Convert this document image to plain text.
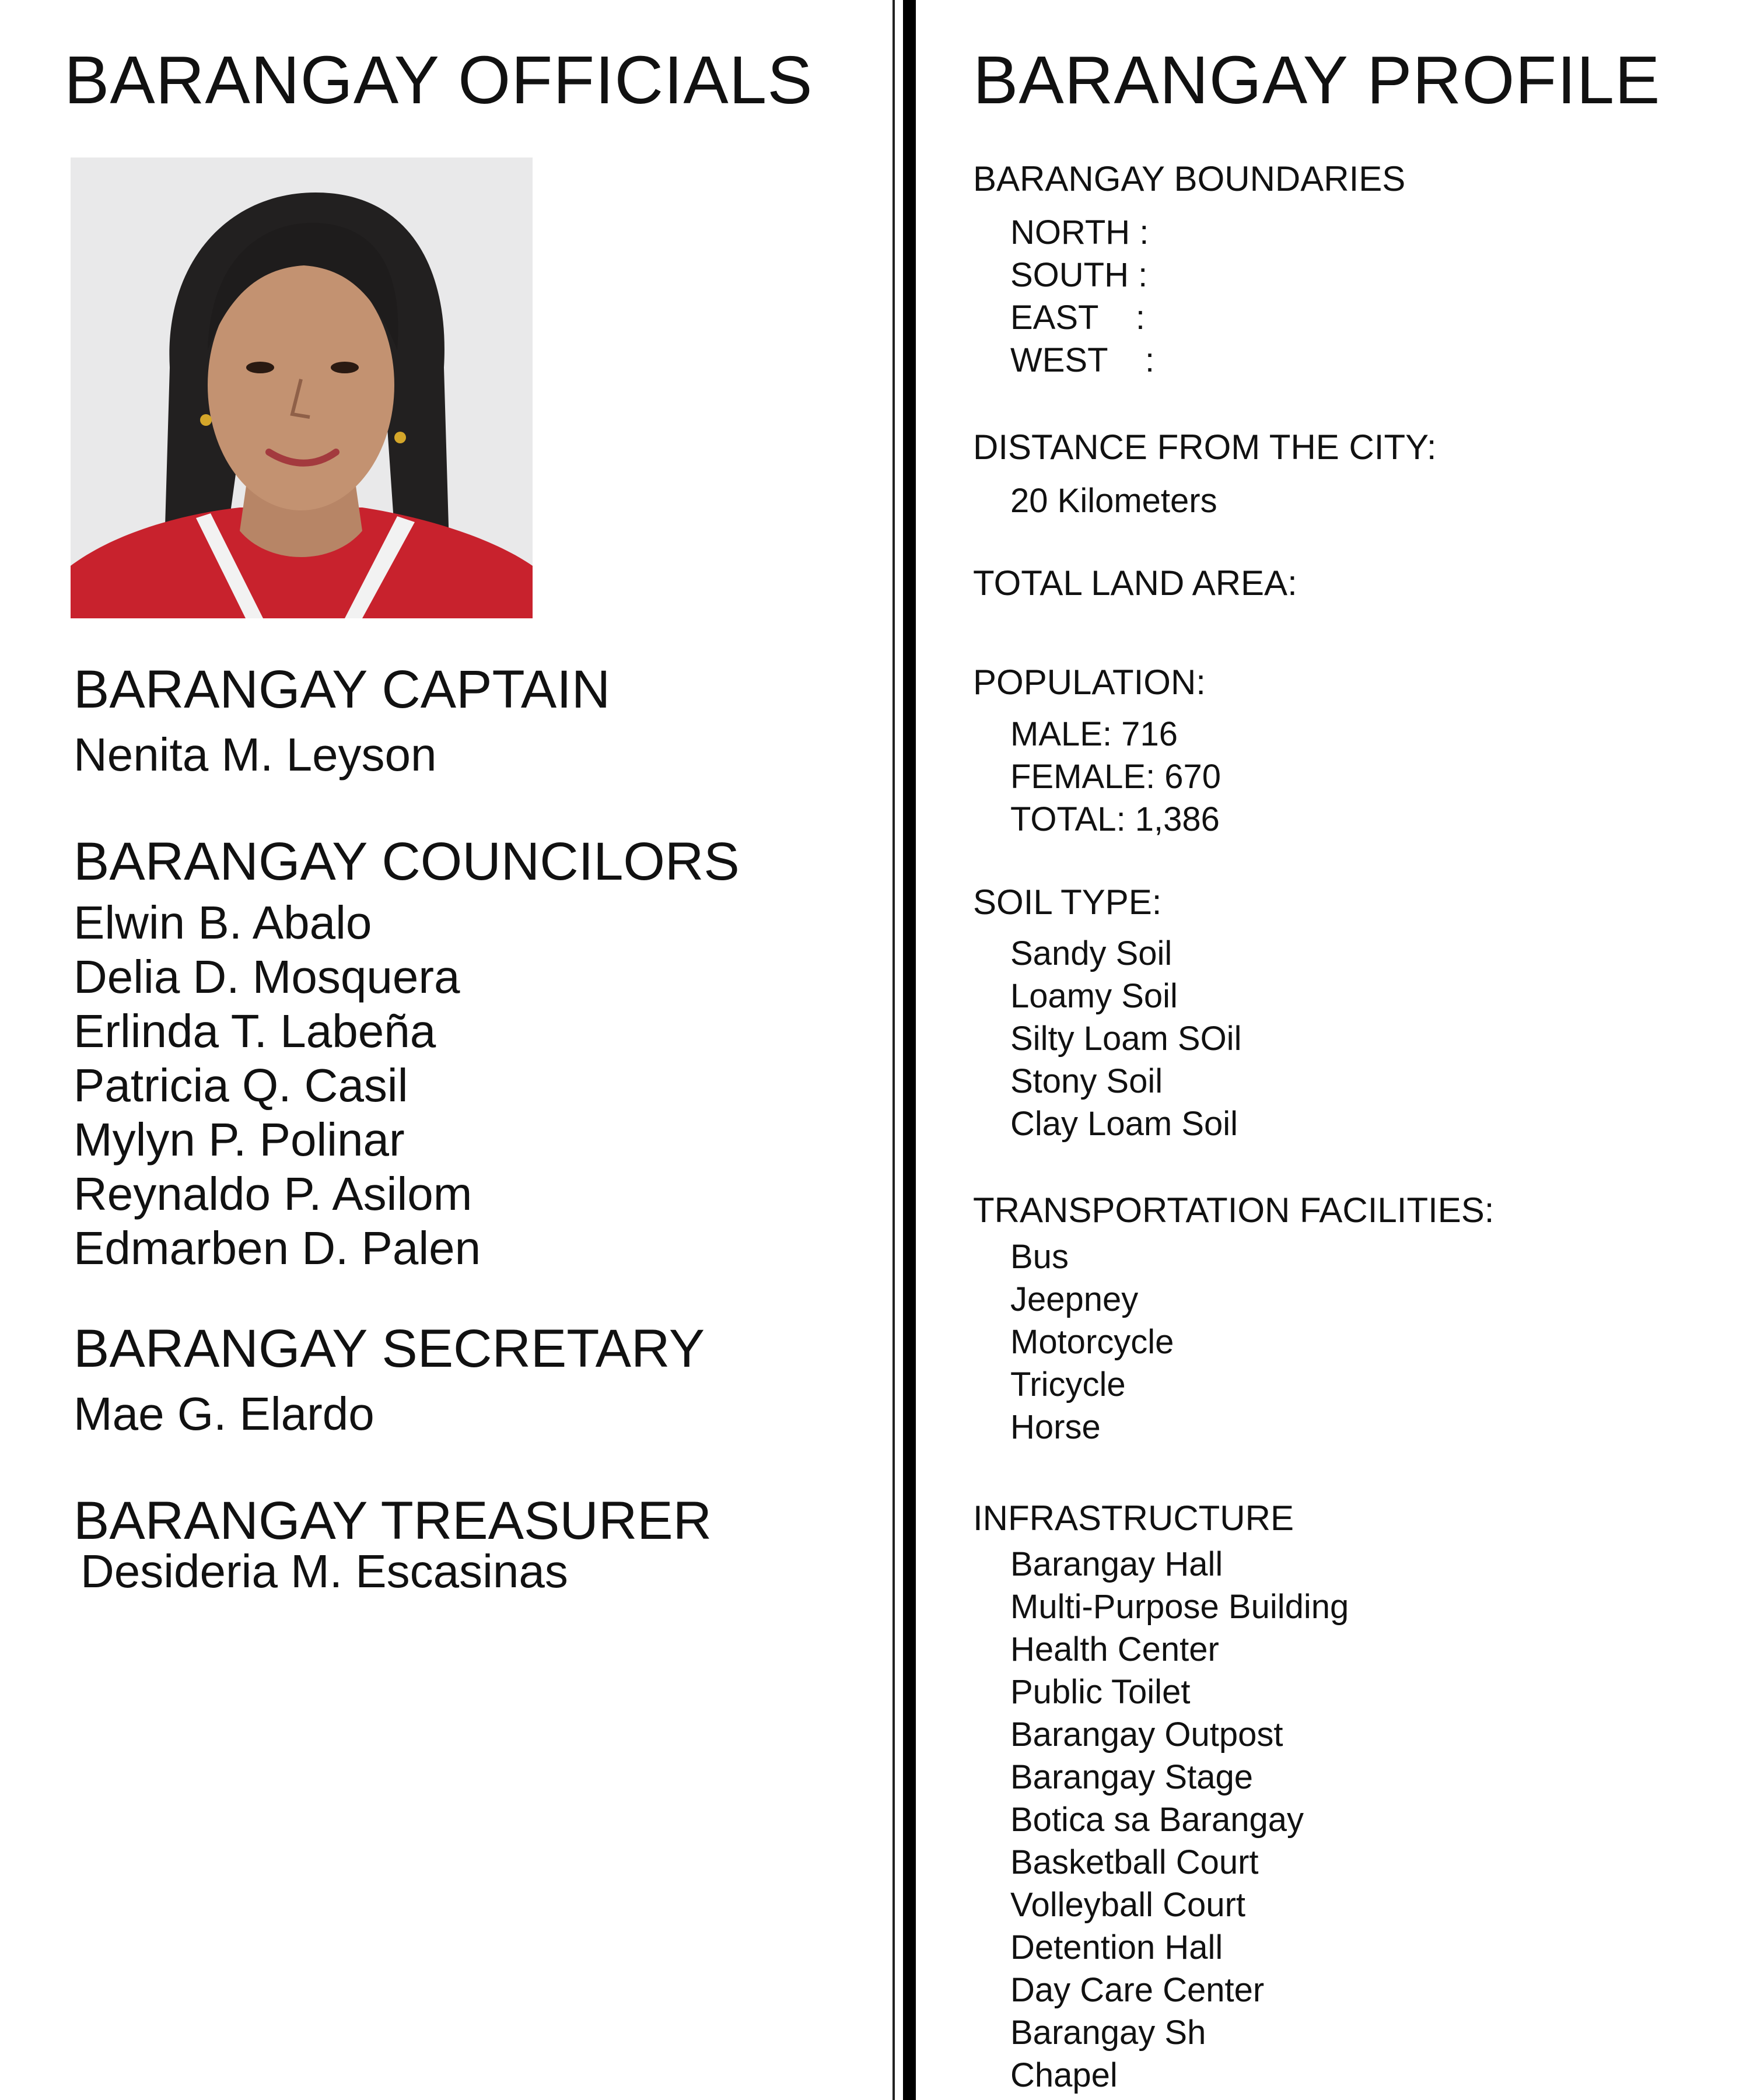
BARANGAY OFFICIALS
BARANGAY CAPTAIN
Nenita M. Leyson
BARANGAY COUNCILORS
Elwin B. Abalo
Delia D. Mosquera
Erlinda T. Labeña
Patricia Q. Casil
Mylyn P. Polinar
Reynaldo P. Asilom
Edmarben D. Palen
BARANGAY SECRETARY
Mae G. Elardo
BARANGAY TREASURER
Desideria M. Escasinas
BARANGAY PROFILE
BARANGAY BOUNDARIES
NORTH :
SOUTH :
EAST    :
WEST    :
DISTANCE FROM THE CITY:
20 Kilometers
TOTAL LAND AREA:
POPULATION:
MALE: 716
FEMALE: 670
TOTAL: 1,386
SOIL TYPE:
Sandy Soil
Loamy Soil
Silty Loam SOil
Stony Soil
Clay Loam Soil
TRANSPORTATION FACILITIES:
Bus
Jeepney
Motorcycle
Tricycle
Horse
INFRASTRUCTURE
Barangay Hall
Multi-Purpose Building
Health Center
Public Toilet
Barangay Outpost
Barangay Stage
Botica sa Barangay
Basketball Court
Volleyball Court
Detention Hall
Day Care Center
Barangay Sh
Chapel
